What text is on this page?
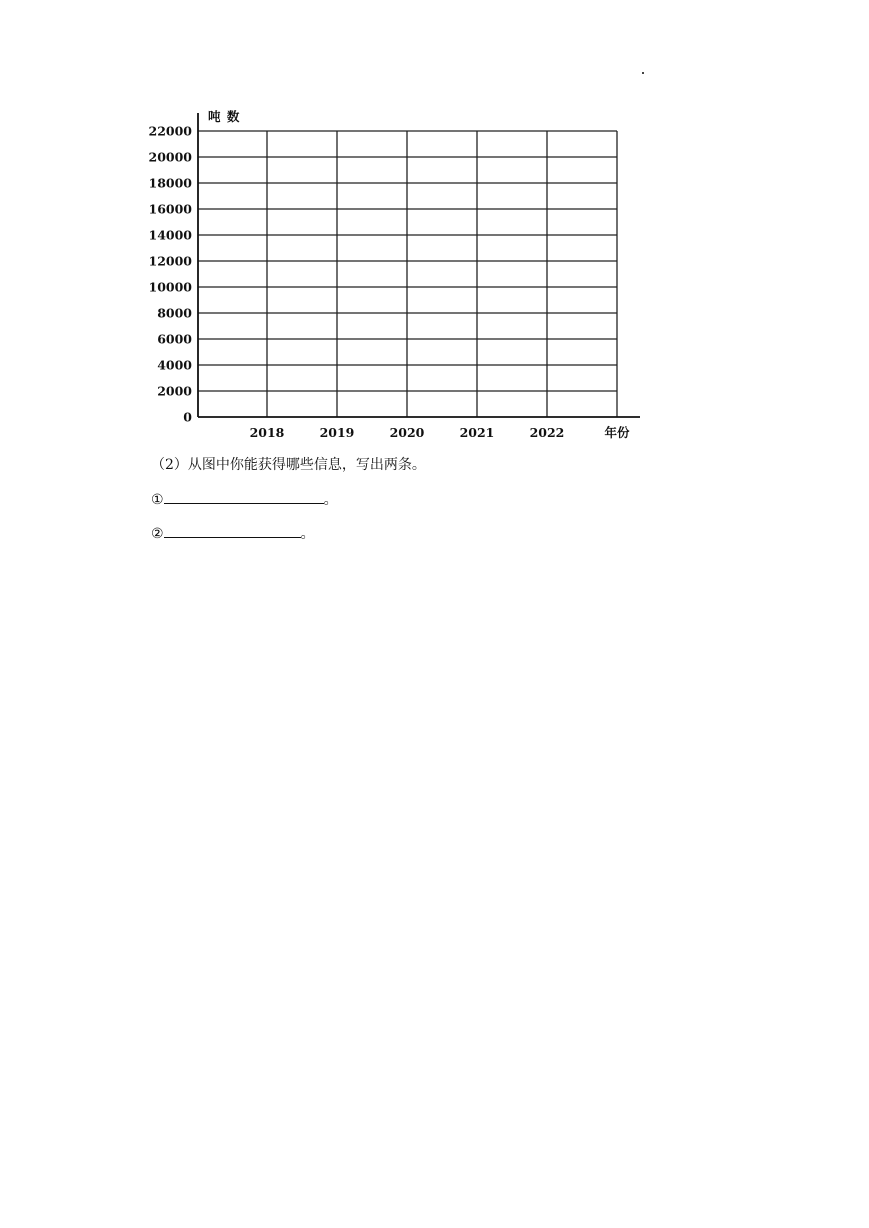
0
2000
4000
6000
8000
10000
12000
14000
16000
18000
20000
22000
吨 数
2018	2019	2020	2021	2022	年份
（2）从图中你能获得哪些信息，写出两条。
①	。
②	。
